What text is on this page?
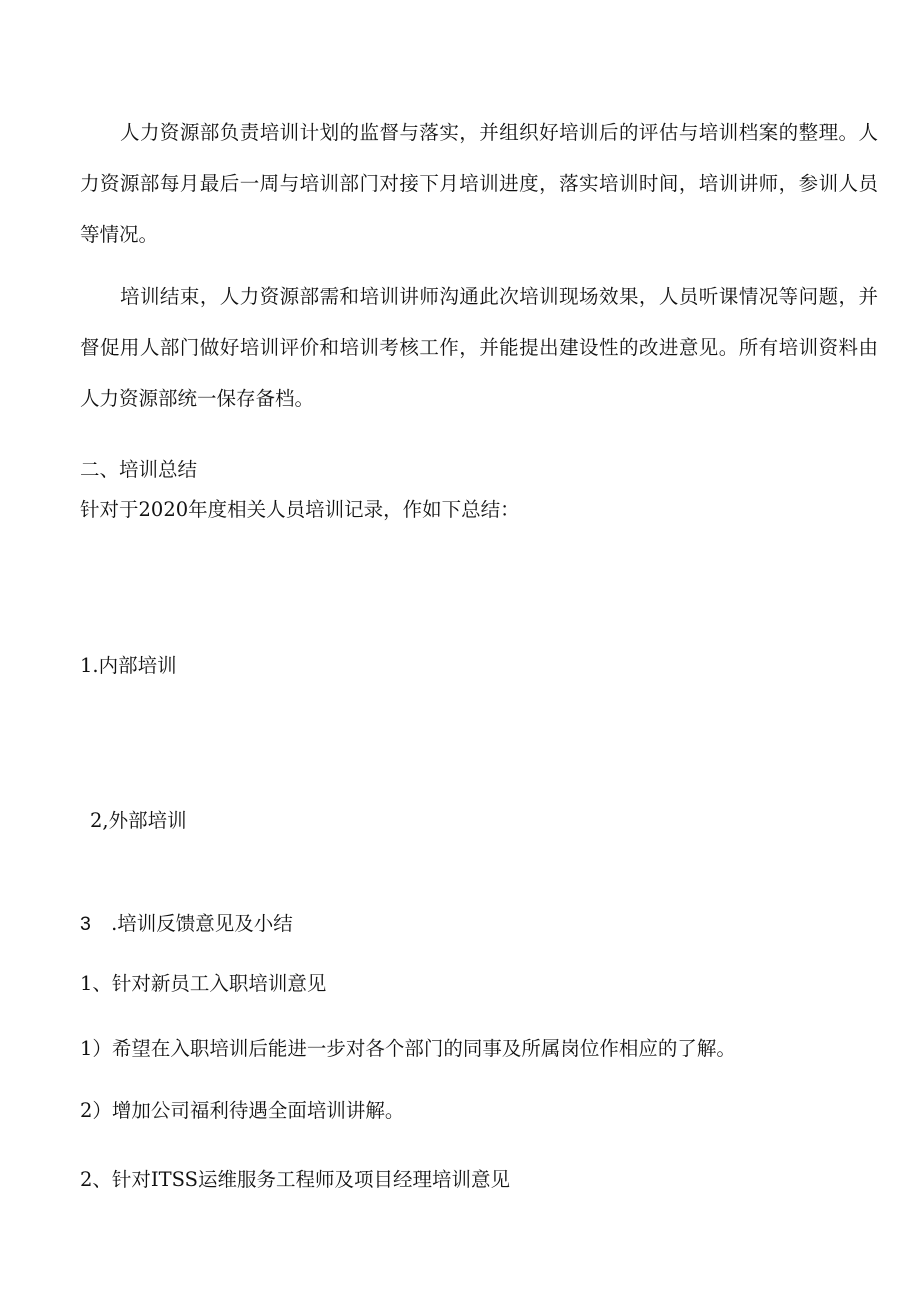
人力资源部负责培训计划的监督与落实，并组织好培训后的评估与培训档案的整理。人力资源部每月最后一周与培训部门对接下月培训进度，落实培训时间，培训讲师，参训人员等情况。

培训结束，人力资源部需和培训讲师沟通此次培训现场效果，人员听课情况等问题，并督促用人部门做好培训评价和培训考核工作，并能提出建设性的改进意见。所有培训资料由人力资源部统一保存备档。

二、培训总结
针对于2020年度相关人员培训记录，作如下总结：
1.内部培训
2,外部培训
3 .培训反馈意见及小结
1、针对新员工入职培训意见
1）希望在入职培训后能进一步对各个部门的同事及所属岗位作相应的了解。
2）增加公司福利待遇全面培训讲解。
2、针对ITSS运维服务工程师及项目经理培训意见
